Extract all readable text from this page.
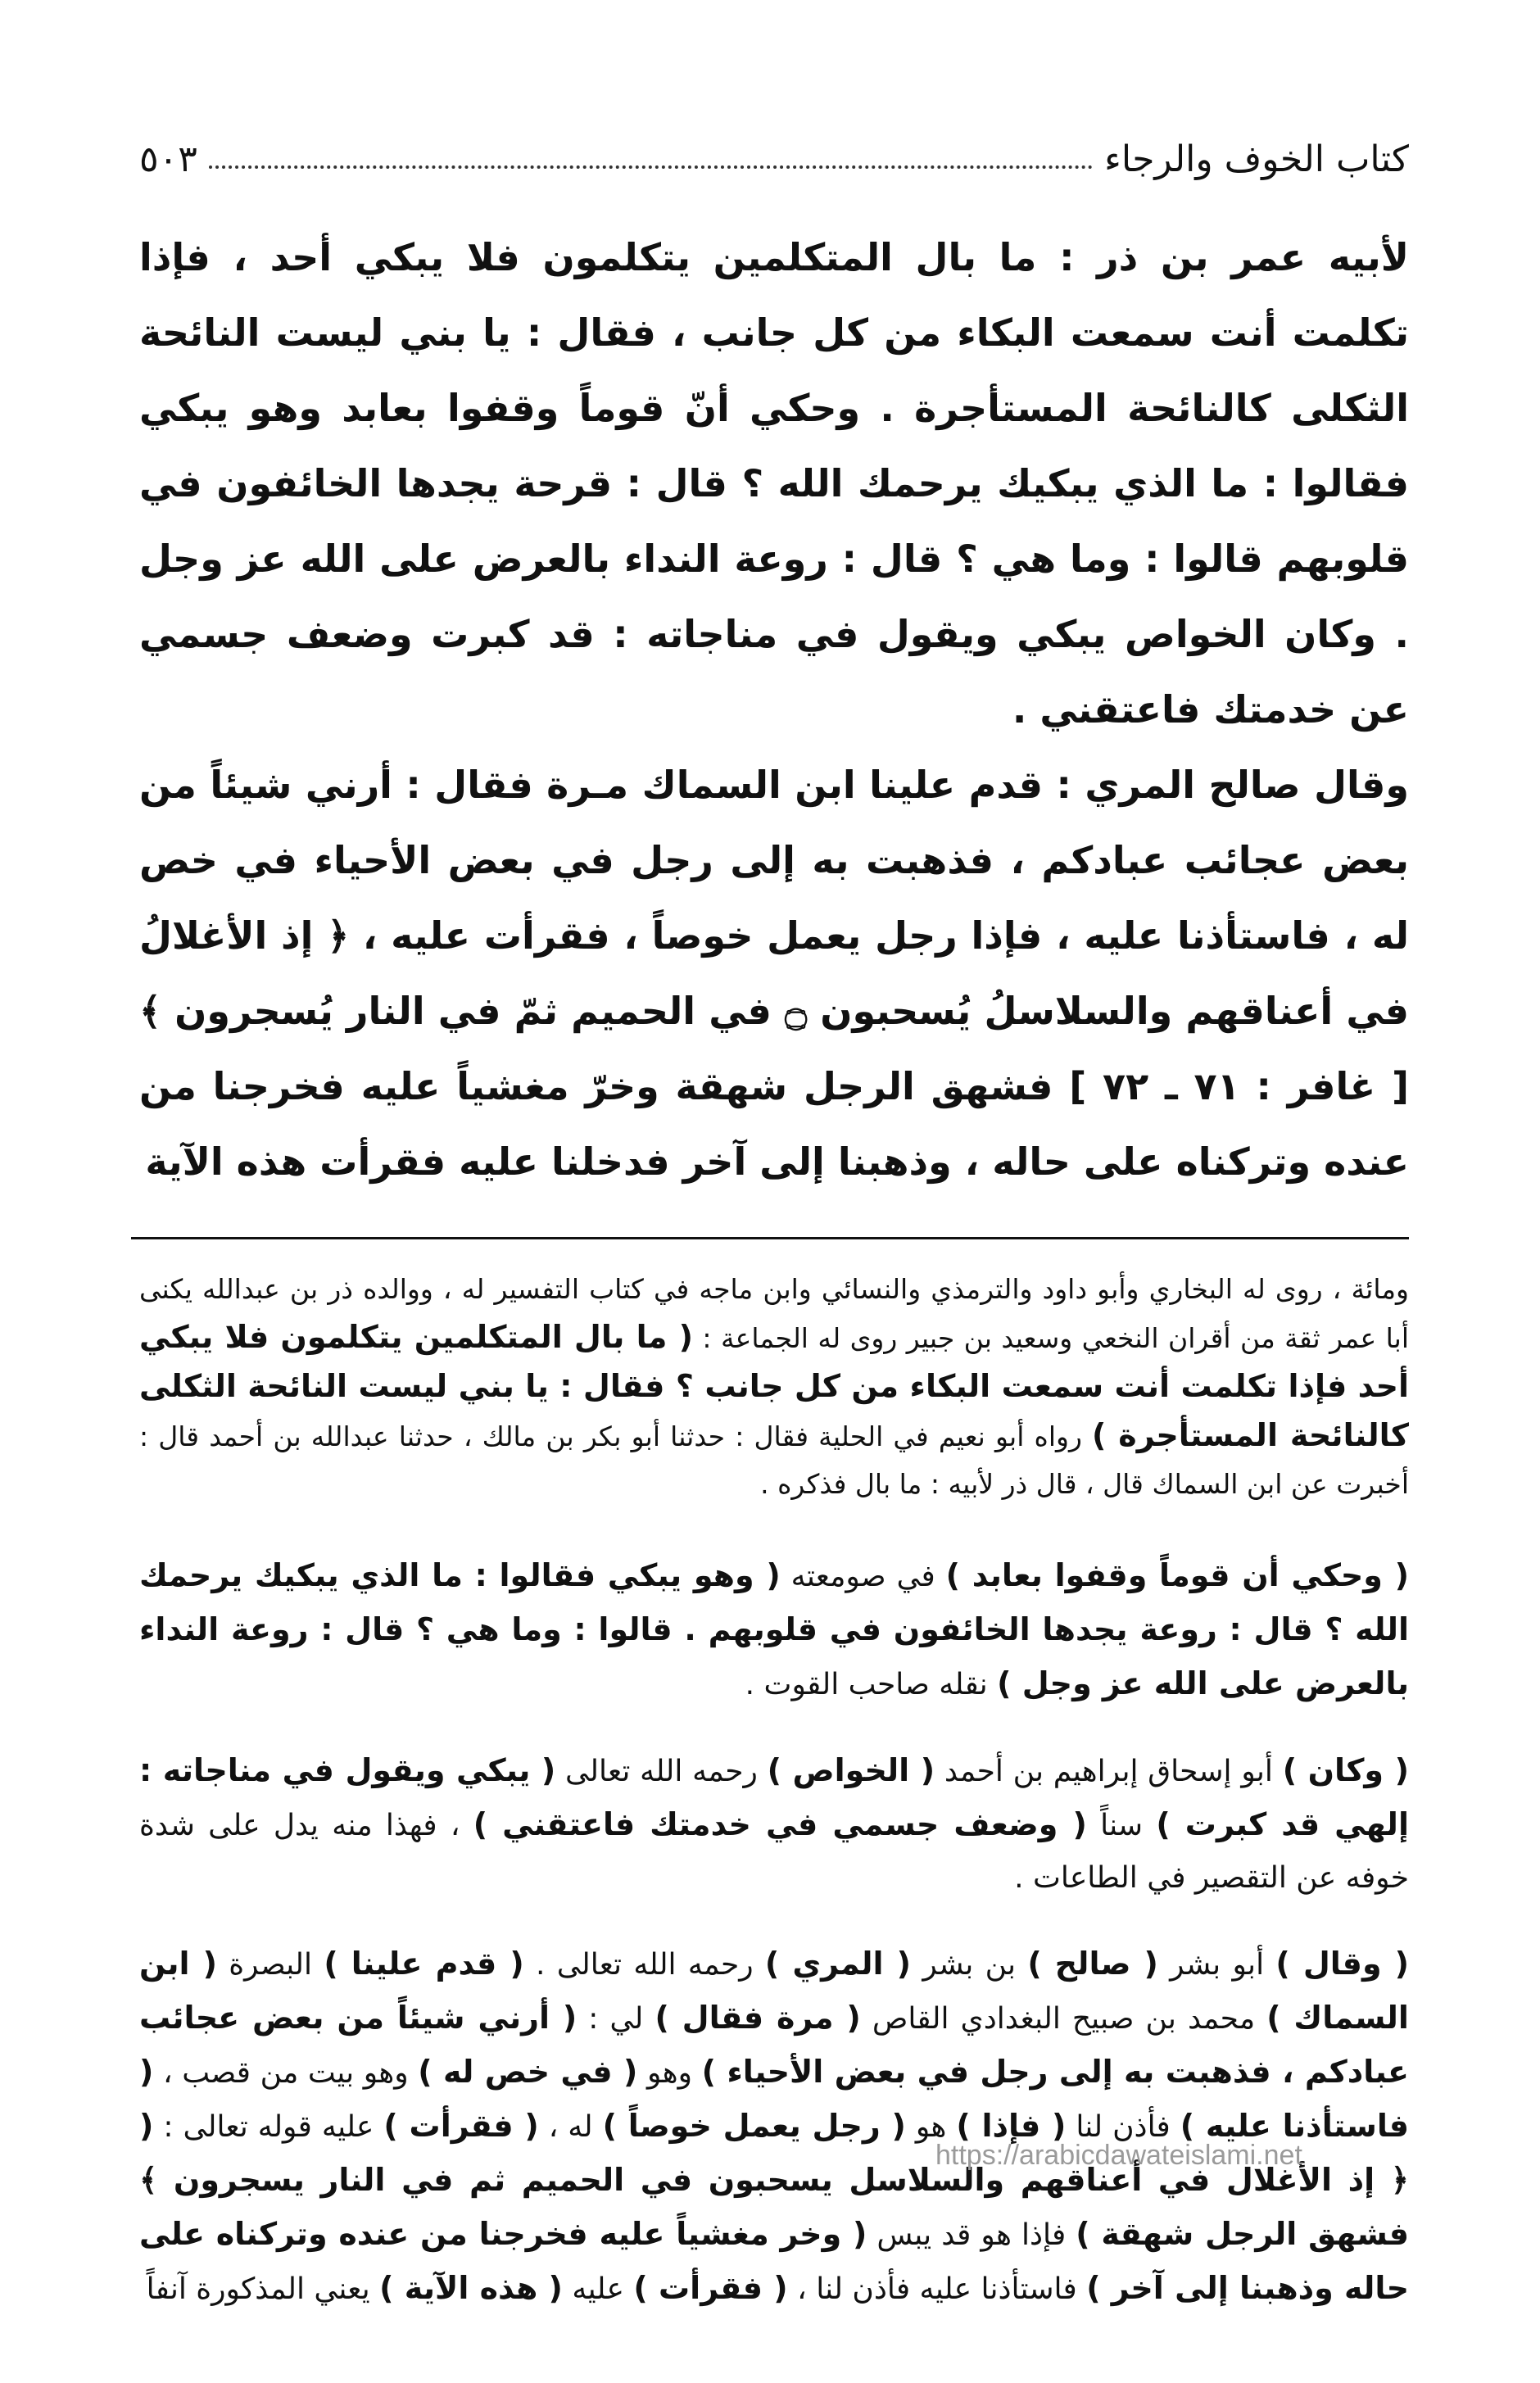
كتاب الخوف والرجاء
٥٠٣

لأبيه عمر بن ذر : ما بال المتكلمين يتكلمون فلا يبكي أحد ، فإذا تكلمت أنت سمعت البكاء من كل جانب ، فقال : يا بني ليست النائحة الثكلى كالنائحة المستأجرة . وحكي أنّ قوماً وقفوا بعابد وهو يبكي فقالوا : ما الذي يبكيك يرحمك الله ؟ قال : قرحة يجدها الخائفون في قلوبهم قالوا : وما هي ؟ قال : روعة النداء بالعرض على الله عز وجل . وكان الخواص يبكي ويقول في مناجاته : قد كبرت وضعف جسمي عن خدمتك فاعتقني .

وقال صالح المري : قدم علينا ابن السماك مـرة فقال : أرني شيئاً من بعض عجائب عبادكم ، فذهبت به إلى رجل في بعض الأحياء في خص له ، فاستأذنا عليه ، فإذا رجل يعمل خوصاً ، فقرأت عليه ، ﴿ إذ الأغلالُ في أعناقهم والسلاسلُ يُسحبون ۝ في الحميم ثمّ في النار يُسجرون ﴾ [ غافر : ٧١ ـ ٧٢ ] فشهق الرجل شهقة وخرّ مغشياً عليه فخرجنا من عنده وتركناه على حاله ، وذهبنا إلى آخر فدخلنا عليه فقرأت هذه الآية

ومائة ، روى له البخاري وأبو داود والترمذي والنسائي وابن ماجه في كتاب التفسير له ، ووالده ذر بن عبدالله يكنى أبا عمر ثقة من أقران النخعي وسعيد بن جبير روى له الجماعة : ( ما بال المتكلمين يتكلمون فلا يبكي أحد فإذا تكلمت أنت سمعت البكاء من كل جانب ؟ فقال : يا بني ليست النائحة الثكلى كالنائحة المستأجرة ) رواه أبو نعيم في الحلية فقال : حدثنا أبو بكر بن مالك ، حدثنا عبدالله بن أحمد قال : أخبرت عن ابن السماك قال ، قال ذر لأبيه : ما بال فذكره .

( وحكي أن قوماً وقفوا بعابد ) في صومعته ( وهو يبكي فقالوا : ما الذي يبكيك يرحمك الله ؟ قال : روعة يجدها الخائفون في قلوبهم . قالوا : وما هي ؟ قال : روعة النداء بالعرض على الله عز وجل ) نقله صاحب القوت .

( وكان ) أبو إسحاق إبراهيم بن أحمد ( الخواص ) رحمه الله تعالى ( يبكي ويقول في مناجاته : إلهي قد كبرت ) سناً ( وضعف جسمي في خدمتك فاعتقني ) ، فهذا منه يدل على شدة خوفه عن التقصير في الطاعات .

( وقال ) أبو بشر ( صالح ) بن بشر ( المري ) رحمه الله تعالى . ( قدم علينا ) البصرة ( ابن السماك ) محمد بن صبيح البغدادي القاص ( مرة فقال ) لي : ( أرني شيئاً من بعض عجائب عبادكم ، فذهبت به إلى رجل في بعض الأحياء ) وهو ( في خص له ) وهو بيت من قصب ، ( فاستأذنا عليه ) فأذن لنا ( فإذا ) هو ( رجل يعمل خوصاً ) له ، ( فقرأت ) عليه قوله تعالى : ( ﴿ إذ الأغلال في أعناقهم والسلاسل يسحبون في الحميم ثم في النار يسجرون ﴾ فشهق الرجل شهقة ) فإذا هو قد يبس ( وخر مغشياً عليه فخرجنا من عنده وتركناه على حاله وذهبنا إلى آخر ) فاستأذنا عليه فأذن لنا ، ( فقرأت ) عليه ( هذه الآية ) يعني المذكورة آنفاً

https://arabicdawateislami.net
